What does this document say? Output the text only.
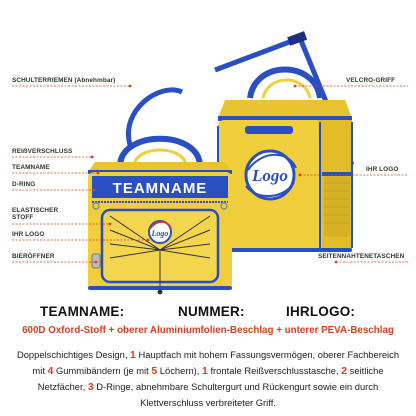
TEAMNAME
Logo
Logo
SCHULTERRIEMEN (Abnehmbar)
REIẞVERSCHLUSS
TEAMNAME
D-RING
ELASTISCHER STOFF
IHR LOGO
BIERÖFFNER
VELCRO-GRIFF
IHR LOGO
SEITENNAHTENETASCHEN
TEAMNAME:	NUMMER:	IHRLOGO:
600D Oxford-Stoff + oberer Aluminiumfolien-Beschlag + unterer PEVA-Beschlag
Doppelschichtiges Design, 1 Hauptfach mit hohem Fassungsvermögen, oberer Fachbereich mit 4 Gummibändern (je mit 5 Löchern), 1 frontale Reißverschlusstasche, 2 seitliche Netzfächer, 3 D-Ringe, abnehmbare Schultergurt und Rückengurt sowie ein durch Klettverschluss verbreiteter Griff.
